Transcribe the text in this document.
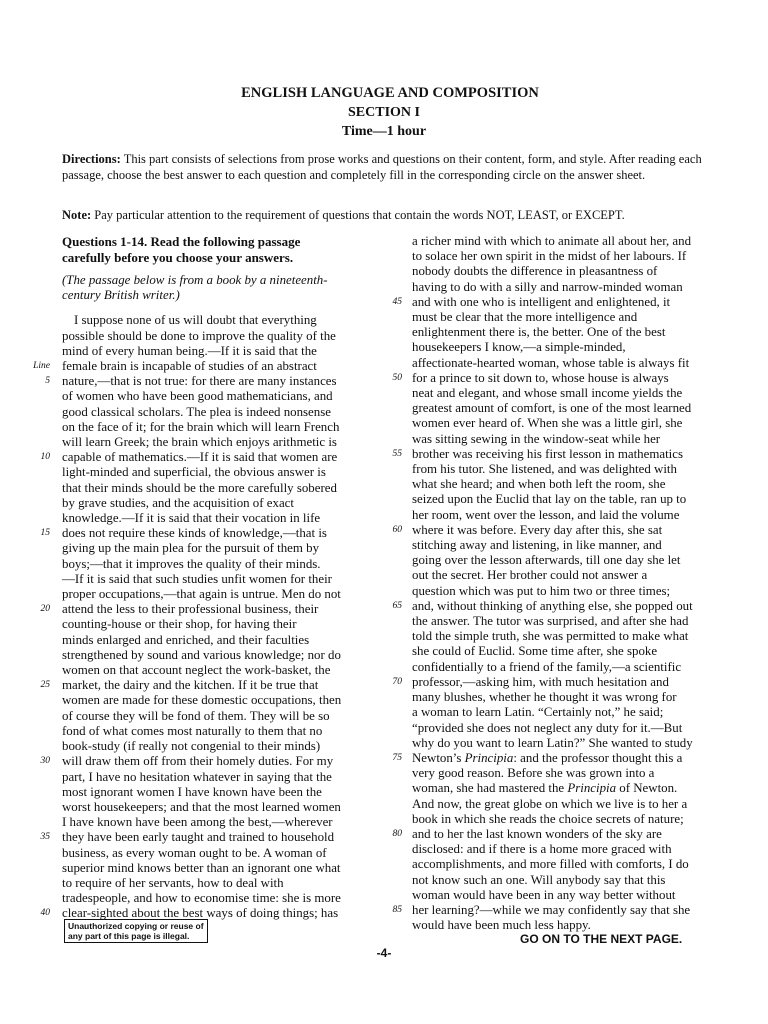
ENGLISH LANGUAGE AND COMPOSITION
SECTION I
Time—1 hour
Directions: This part consists of selections from prose works and questions on their content, form, and style. After reading each passage, choose the best answer to each question and completely fill in the corresponding circle on the answer sheet.
Note: Pay particular attention to the requirement of questions that contain the words NOT, LEAST, or EXCEPT.
Questions 1-14. Read the following passage
carefully before you choose your answers.
(The passage below is from a book by a nineteenth-
century British writer.)
I suppose none of us will doubt that everything
possible should be done to improve the quality of the
mind of every human being.—If it is said that the
Line female brain is incapable of studies of an abstract
5 nature,—that is not true: for there are many instances
of women who have been good mathematicians, and
good classical scholars. The plea is indeed nonsense
on the face of it; for the brain which will learn French
will learn Greek; the brain which enjoys arithmetic is
10 capable of mathematics.—If it is said that women are
light-minded and superficial, the obvious answer is
that their minds should be the more carefully sobered
by grave studies, and the acquisition of exact
knowledge.—If it is said that their vocation in life
15 does not require these kinds of knowledge,—that is
giving up the main plea for the pursuit of them by
boys;—that it improves the quality of their minds.
—If it is said that such studies unfit women for their
proper occupations,—that again is untrue. Men do not
20 attend the less to their professional business, their
counting-house or their shop, for having their
minds enlarged and enriched, and their faculties
strengthened by sound and various knowledge; nor do
women on that account neglect the work-basket, the
25 market, the dairy and the kitchen. If it be true that
women are made for these domestic occupations, then
of course they will be fond of them. They will be so
fond of what comes most naturally to them that no
book-study (if really not congenial to their minds)
30 will draw them off from their homely duties. For my
part, I have no hesitation whatever in saying that the
most ignorant women I have known have been the
worst housekeepers; and that the most learned women
I have known have been among the best,—wherever
35 they have been early taught and trained to household
business, as every woman ought to be. A woman of
superior mind knows better than an ignorant one what
to require of her servants, how to deal with
tradespeople, and how to economise time: she is more
40 clear-sighted about the best ways of doing things; has
a richer mind with which to animate all about her, and
to solace her own spirit in the midst of her labours. If
nobody doubts the difference in pleasantness of
having to do with a silly and narrow-minded woman
45 and with one who is intelligent and enlightened, it
must be clear that the more intelligence and
enlightenment there is, the better. One of the best
housekeepers I know,—a simple-minded,
affectionate-hearted woman, whose table is always fit
50 for a prince to sit down to, whose house is always
neat and elegant, and whose small income yields the
greatest amount of comfort, is one of the most learned
women ever heard of. When she was a little girl, she
was sitting sewing in the window-seat while her
55 brother was receiving his first lesson in mathematics
from his tutor. She listened, and was delighted with
what she heard; and when both left the room, she
seized upon the Euclid that lay on the table, ran up to
her room, went over the lesson, and laid the volume
60 where it was before. Every day after this, she sat
stitching away and listening, in like manner, and
going over the lesson afterwards, till one day she let
out the secret. Her brother could not answer a
question which was put to him two or three times;
65 and, without thinking of anything else, she popped out
the answer. The tutor was surprised, and after she had
told the simple truth, she was permitted to make what
she could of Euclid. Some time after, she spoke
confidentially to a friend of the family,—a scientific
70 professor,—asking him, with much hesitation and
many blushes, whether he thought it was wrong for
a woman to learn Latin. “Certainly not,” he said;
“provided she does not neglect any duty for it.—But
why do you want to learn Latin?” She wanted to study
75 Newton’s Principia: and the professor thought this a
very good reason. Before she was grown into a
woman, she had mastered the Principia of Newton.
And now, the great globe on which we live is to her a
book in which she reads the choice secrets of nature;
80 and to her the last known wonders of the sky are
disclosed: and if there is a home more graced with
accomplishments, and more filled with comforts, I do
not know such an one. Will anybody say that this
woman would have been in any way better without
85 her learning?—while we may confidently say that she
would have been much less happy.
Unauthorized copying or reuse of
any part of this page is illegal.	GO ON TO THE NEXT PAGE.
-4-
